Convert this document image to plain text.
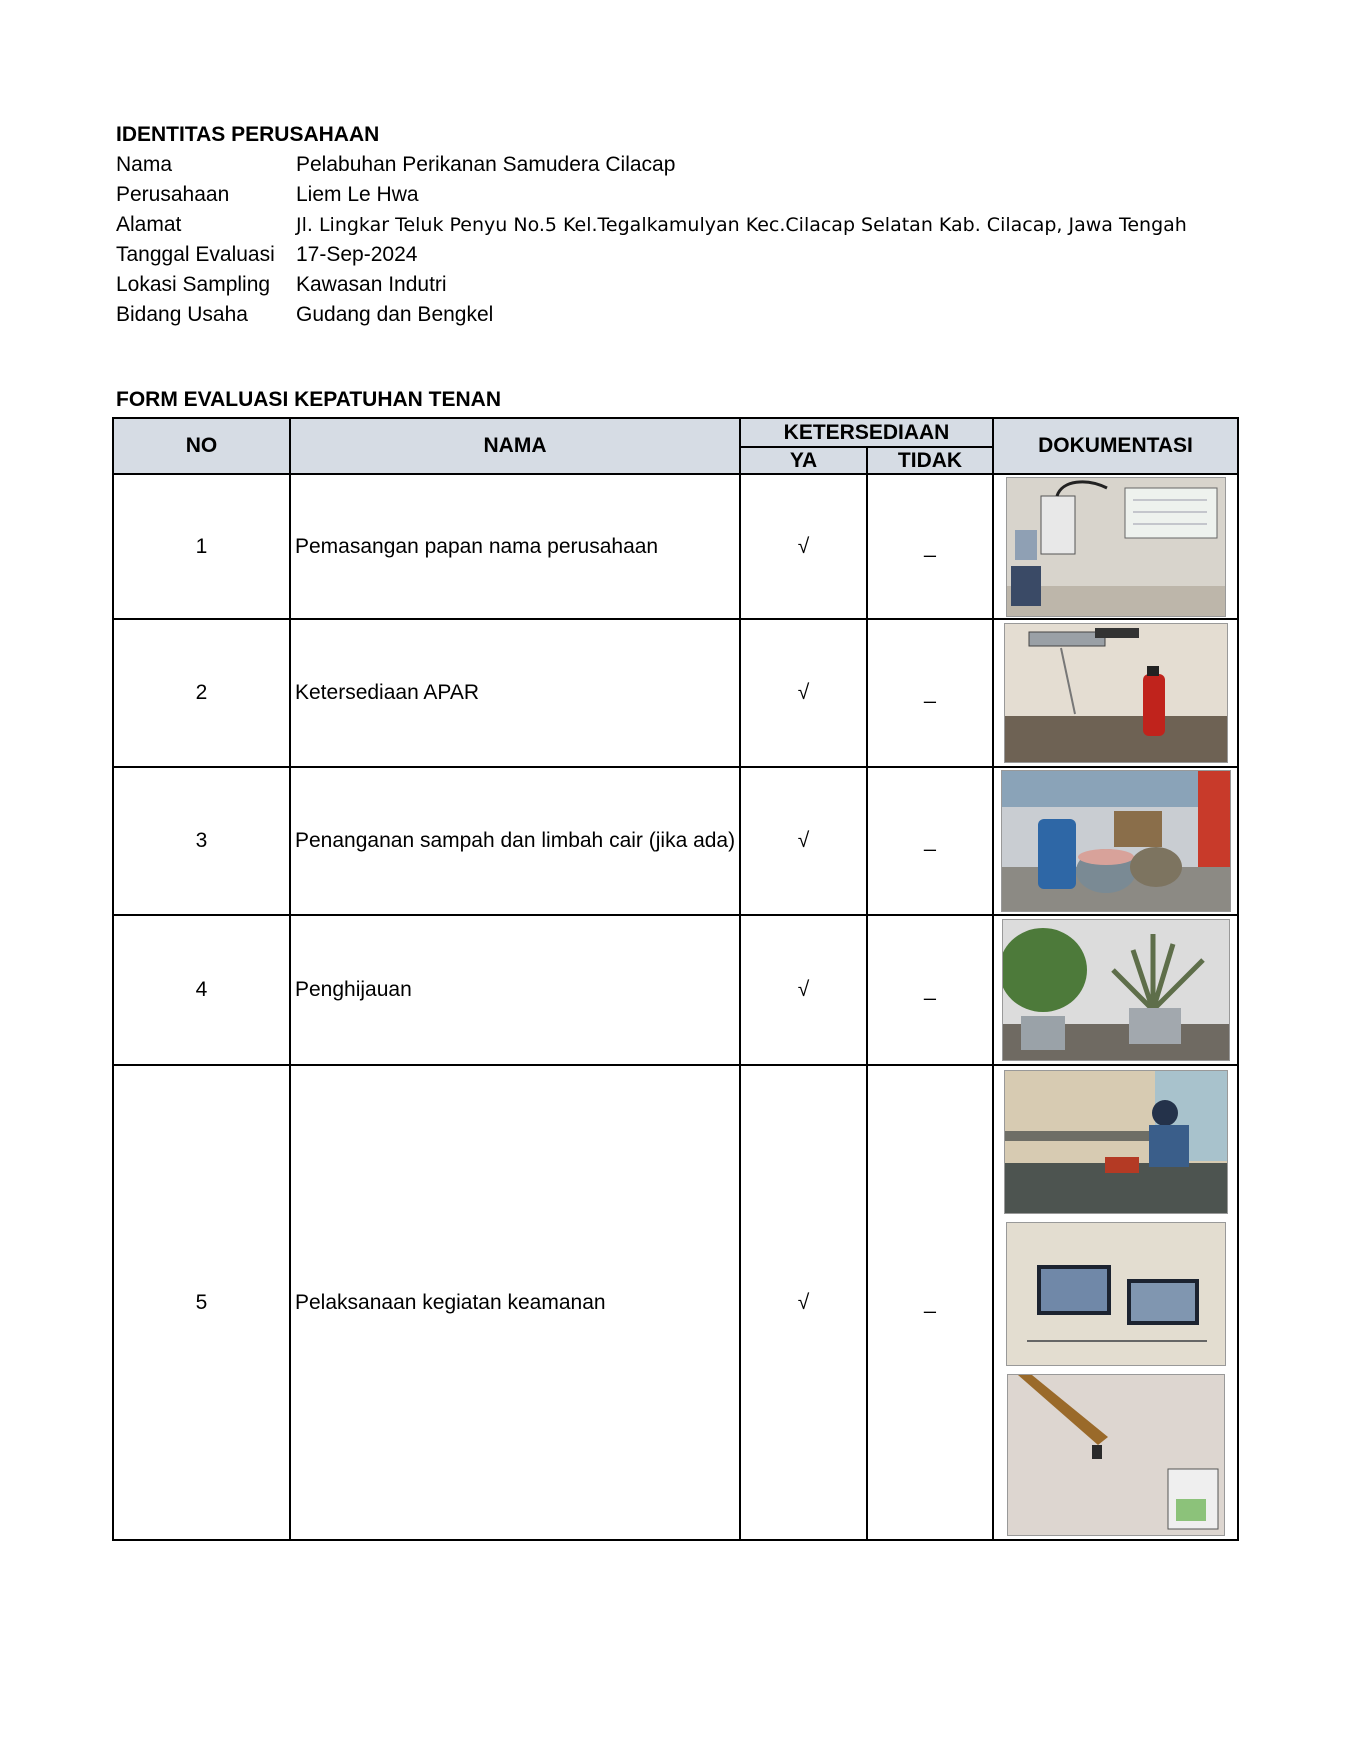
IDENTITAS PERUSAHAAN
Nama	Pelabuhan Perikanan Samudera Cilacap
Perusahaan	Liem Le Hwa
Alamat	Jl. Lingkar Teluk Penyu No.5 Kel.Tegalkamulyan Kec.Cilacap Selatan Kab. Cilacap, Jawa Tengah
Tanggal Evaluasi	17-Sep-2024
Lokasi Sampling	Kawasan Indutri
Bidang Usaha	Gudang dan Bengkel
FORM EVALUASI KEPATUHAN TENAN
NO	NAMA	KETERSEDIAAN		DOKUMENTASI
		YA	TIDAK	
1	Pemasangan papan nama perusahaan	√	_	

2	Ketersediaan APAR	√	_	

3	Penanganan sampah dan limbah cair (jika ada)	√	_	

4	Penghijauan	√	_	

5	Pelaksanaan kegiatan keamanan	√	_	
